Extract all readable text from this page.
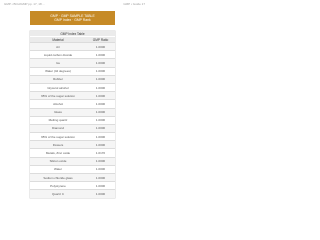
GMP • BCH/GMP pp. 17, 18 ...	GMP • Guide 17
GMP · GMP SAMPLE TABLE
GMP Index · GMP Rank
GMP Index Table
Material	GMP Ratio
Air	1.0000
Liquid carbon dioxide	1.0000
Ice	1.0000
Water (42 degrees)	1.0000
Rubber	1.0000
Glycerol alcohol	1.0000
95% of the sugar solution	1.0000
Alcohol	1.0000
Glass	1.0000
Melting quartz	1.0000
Diamond	1.0000
95% of the sugar solution	1.0000
Flowers	1.0000
Metals, Zinc oxide	1.0170
Silicon oxide	1.0000
Water	1.0000
Sodium chloride glass	1.0000
Polystyrene	1.0000
Quartz C	1.0000
